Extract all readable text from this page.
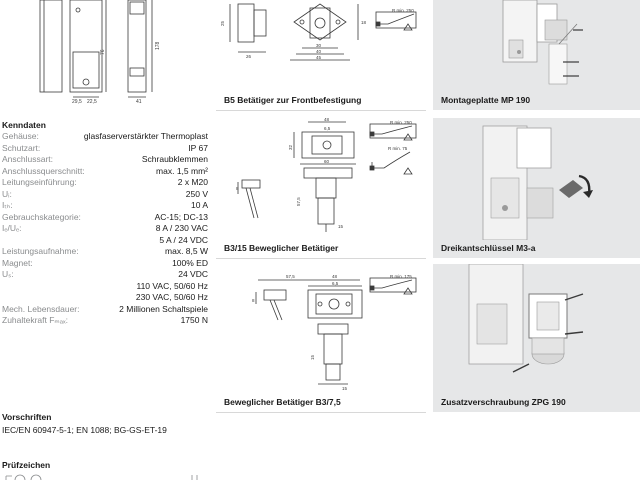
76
178
29,5 22,5	41
Kenndaten
Gehäuse:	glasfaserverstärkter Thermoplast
Schutzart:	IP 67
Anschlussart:	Schraubklemmen
Anschlussquerschnitt:	max. 1,5 mm²
Leitungseinführung:	2 x M20
Uᵢ:	250 V
Iₜₕ:	10 A
Gebrauchskategorie:	AC-15; DC-13
Iₑ/Uₑ:	8 A / 230 VAC
5 A / 24 VDC
Leistungsaufnahme:	max. 8,5 W
Magnet:	100% ED
Uₛ:	24 VDC
110 VAC, 50/60 Hz
230 VAC, 50/60 Hz
Mech. Lebensdauer:	2 Millionen Schaltspiele
Zuhaltekraft Fₘₐₓ:	1750 N
Vorschriften
IEC/EN 60947-5-1; EN 1088; BG-GS-ET-19
Prüfzeichen
25
26
18
30
40
45
R min. 250
B5 Betätiger zur Frontbefestigung
48
6,5
60
32
8
57,5
15
R min. 250
R min. 75
B3/15 Beweglicher Betätiger
57,5	48
6,5
8
15
R min. 175
15
Beweglicher Betätiger B3/7,5
Montageplatte MP 190
Dreikantschlüssel M3-a
Zusatzverschraubung ZPG 190
